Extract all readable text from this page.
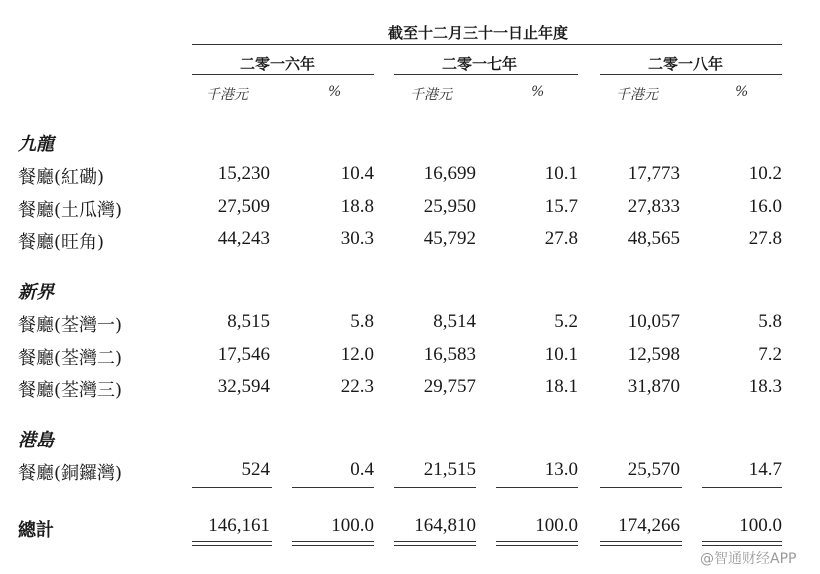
截至十二月三十一日止年度
二零一六年	二零一七年	二零一八年
千港元	%	千港元	%	千港元	%
九龍
餐廳(紅磡)	15,230	10.4	16,699	10.1	17,773	10.2
餐廳(土瓜灣)	27,509	18.8	25,950	15.7	27,833	16.0
餐廳(旺角)	44,243	30.3	45,792	27.8	48,565	27.8
新界
餐廳(荃灣一)	8,515	5.8	8,514	5.2	10,057	5.8
餐廳(荃灣二)	17,546	12.0	16,583	10.1	12,598	7.2
餐廳(荃灣三)	32,594	22.3	29,757	18.1	31,870	18.3
港島
餐廳(銅鑼灣)	524	0.4	21,515	13.0	25,570	14.7
總計	146,161	100.0	164,810	100.0	174,266	100.0
@智通财经APP
